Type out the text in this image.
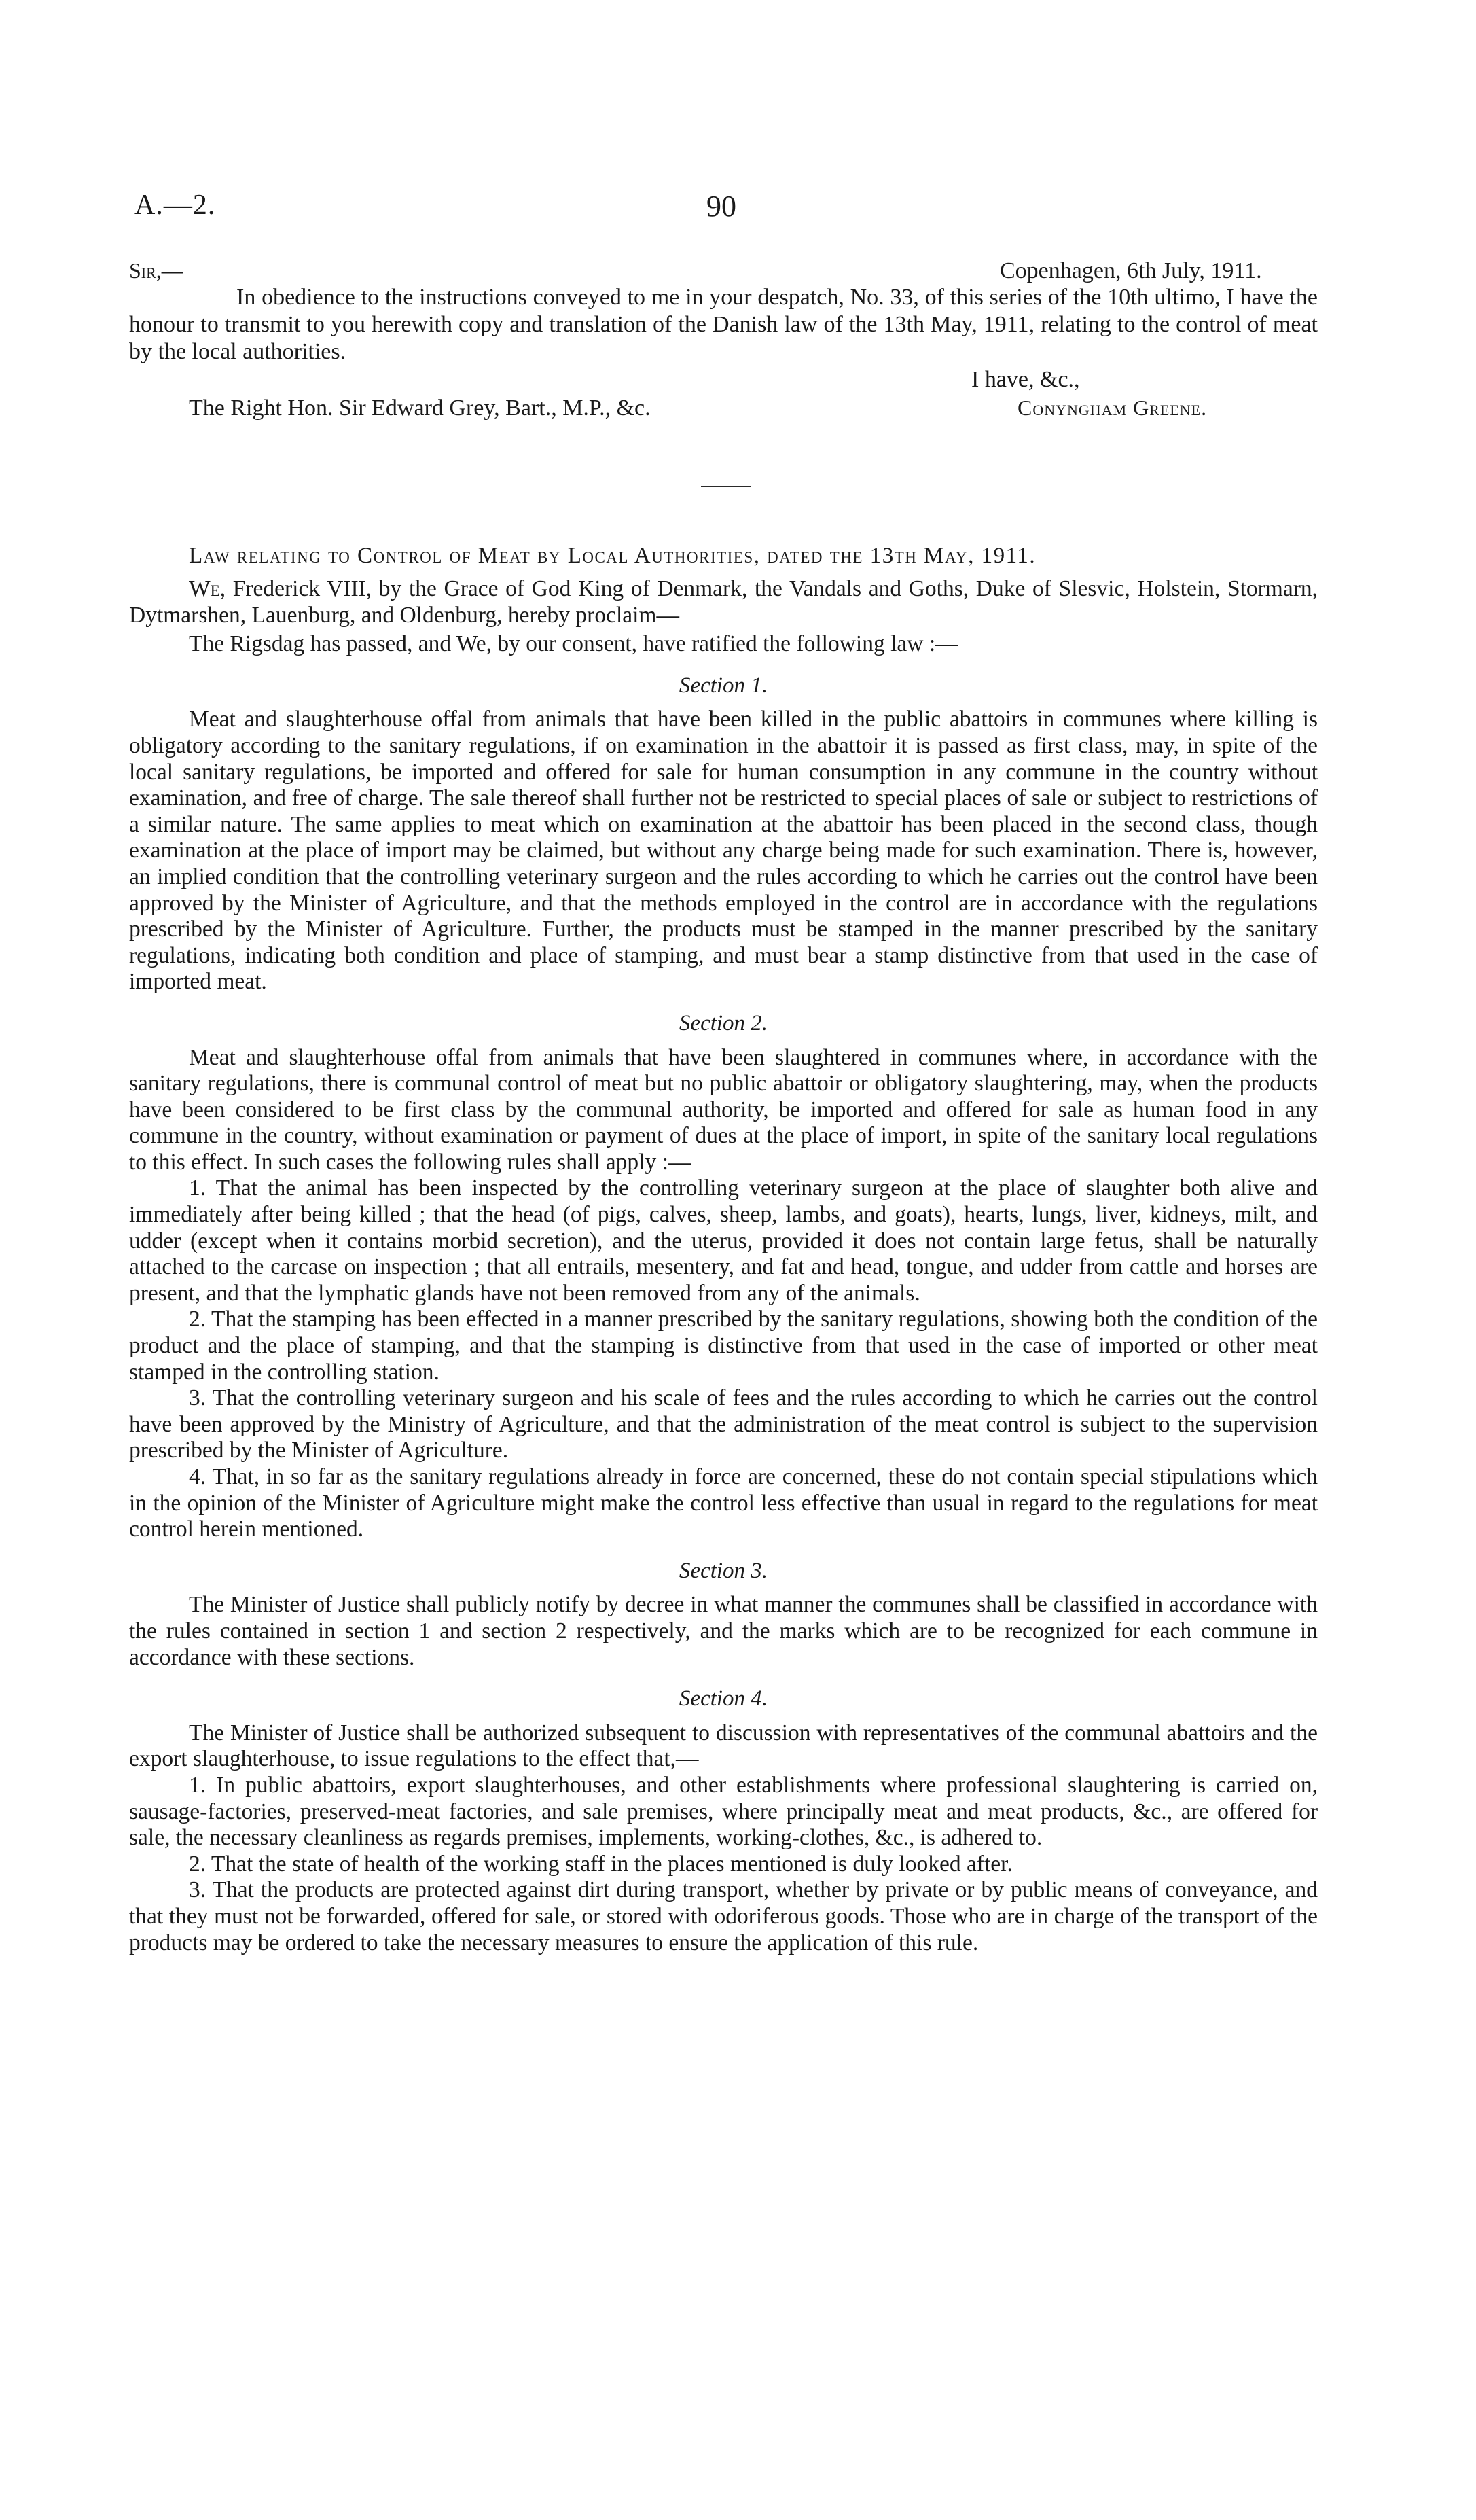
A.—2.	90
Sir,—	Copenhagen, 6th July, 1911.
In obedience to the instructions conveyed to me in your despatch, No. 33, of this series of the 10th ultimo, I have the honour to transmit to you herewith copy and translation of the Danish law of the 13th May, 1911, relating to the control of meat by the local authorities.
I have, &c.,
The Right Hon. Sir Edward Grey, Bart., M.P., &c.	Conyngham Greene.
Law relating to Control of Meat by Local Authorities, dated the 13th May, 1911.

We, Frederick VIII, by the Grace of God King of Denmark, the Vandals and Goths, Duke of Slesvic, Holstein, Stormarn, Dytmarshen, Lauenburg, and Oldenburg, hereby proclaim—

The Rigsdag has passed, and We, by our consent, have ratified the following law :—

Section 1.

Meat and slaughterhouse offal from animals that have been killed in the public abattoirs in communes where killing is obligatory according to the sanitary regulations, if on examination in the abattoir it is passed as first class, may, in spite of the local sanitary regulations, be imported and offered for sale for human consumption in any commune in the country without examination, and free of charge. The sale thereof shall further not be restricted to special places of sale or subject to restrictions of a similar nature. The same applies to meat which on examination at the abattoir has been placed in the second class, though examination at the place of import may be claimed, but without any charge being made for such examination. There is, however, an implied condition that the controlling veterinary surgeon and the rules according to which he carries out the control have been approved by the Minister of Agriculture, and that the methods employed in the control are in accordance with the regulations prescribed by the Minister of Agriculture. Further, the products must be stamped in the manner prescribed by the sanitary regulations, indicating both condition and place of stamping, and must bear a stamp distinctive from that used in the case of imported meat.

Section 2.

Meat and slaughterhouse offal from animals that have been slaughtered in communes where, in accordance with the sanitary regulations, there is communal control of meat but no public abattoir or obligatory slaughtering, may, when the products have been considered to be first class by the communal authority, be imported and offered for sale as human food in any commune in the country, without examination or payment of dues at the place of import, in spite of the sanitary local regulations to this effect. In such cases the following rules shall apply :—

1. That the animal has been inspected by the controlling veterinary surgeon at the place of slaughter both alive and immediately after being killed ; that the head (of pigs, calves, sheep, lambs, and goats), hearts, lungs, liver, kidneys, milt, and udder (except when it contains morbid secretion), and the uterus, provided it does not contain large fetus, shall be naturally attached to the carcase on inspection ; that all entrails, mesentery, and fat and head, tongue, and udder from cattle and horses are present, and that the lymphatic glands have not been removed from any of the animals.

2. That the stamping has been effected in a manner prescribed by the sanitary regulations, showing both the condition of the product and the place of stamping, and that the stamping is distinctive from that used in the case of imported or other meat stamped in the controlling station.

3. That the controlling veterinary surgeon and his scale of fees and the rules according to which he carries out the control have been approved by the Ministry of Agriculture, and that the administration of the meat control is subject to the supervision prescribed by the Minister of Agriculture.

4. That, in so far as the sanitary regulations already in force are concerned, these do not contain special stipulations which in the opinion of the Minister of Agriculture might make the control less effective than usual in regard to the regulations for meat control herein mentioned.

Section 3.

The Minister of Justice shall publicly notify by decree in what manner the communes shall be classified in accordance with the rules contained in section 1 and section 2 respectively, and the marks which are to be recognized for each commune in accordance with these sections.

Section 4.

The Minister of Justice shall be authorized subsequent to discussion with representatives of the communal abattoirs and the export slaughterhouse, to issue regulations to the effect that,—

1. In public abattoirs, export slaughterhouses, and other establishments where professional slaughtering is carried on, sausage-factories, preserved-meat factories, and sale premises, where principally meat and meat products, &c., are offered for sale, the necessary cleanliness as regards premises, implements, working-clothes, &c., is adhered to.

2. That the state of health of the working staff in the places mentioned is duly looked after.

3. That the products are protected against dirt during transport, whether by private or by public means of conveyance, and that they must not be forwarded, offered for sale, or stored with odoriferous goods. Those who are in charge of the transport of the products may be ordered to take the necessary measures to ensure the application of this rule.
